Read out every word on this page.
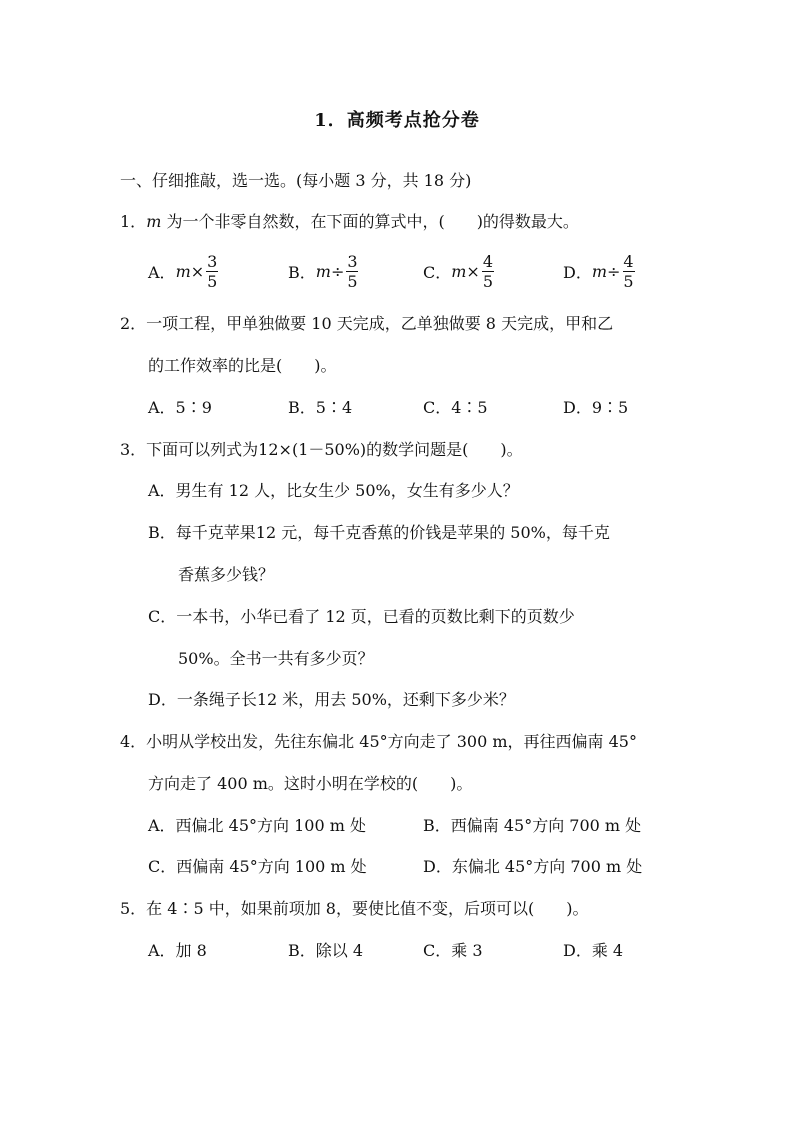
1．高频考点抢分卷
一、仔细推敲，选一选。(每小题 3 分，共 18 分)
1．m 为一个非零自然数，在下面的算式中，(　　)的得数最大。
A． $m \times \frac{3}{5}$	B． $m \div \frac{3}{5}$	C． $m \times \frac{4}{5}$	D． $m \div \frac{4}{5}$
2．一项工程，甲单独做要 10 天完成，乙单独做要 8 天完成，甲和乙
的工作效率的比是(　　)。
A．5∶9	B．5∶4	C．4∶5	D．9∶5
3．下面可以列式为12×(1－50%)的数学问题是(　　)。
A．男生有 12 人，比女生少 50%，女生有多少人？
B．每千克苹果12 元，每千克香蕉的价钱是苹果的 50%，每千克
香蕉多少钱？
C．一本书，小华已看了 12 页，已看的页数比剩下的页数少
50%。全书一共有多少页？
D．一条绳子长12 米，用去 50%，还剩下多少米？
4．小明从学校出发，先往东偏北 45°方向走了 300 m，再往西偏南 45°
方向走了 400 m。这时小明在学校的(　　)。
A．西偏北 45°方向 100 m 处	B．西偏南 45°方向 700 m 处
C．西偏南 45°方向 100 m 处	D．东偏北 45°方向 700 m 处
5．在 4∶5 中，如果前项加 8，要使比值不变，后项可以(　　)。
A．加 8	B．除以 4	C．乘 3	D．乘 4
